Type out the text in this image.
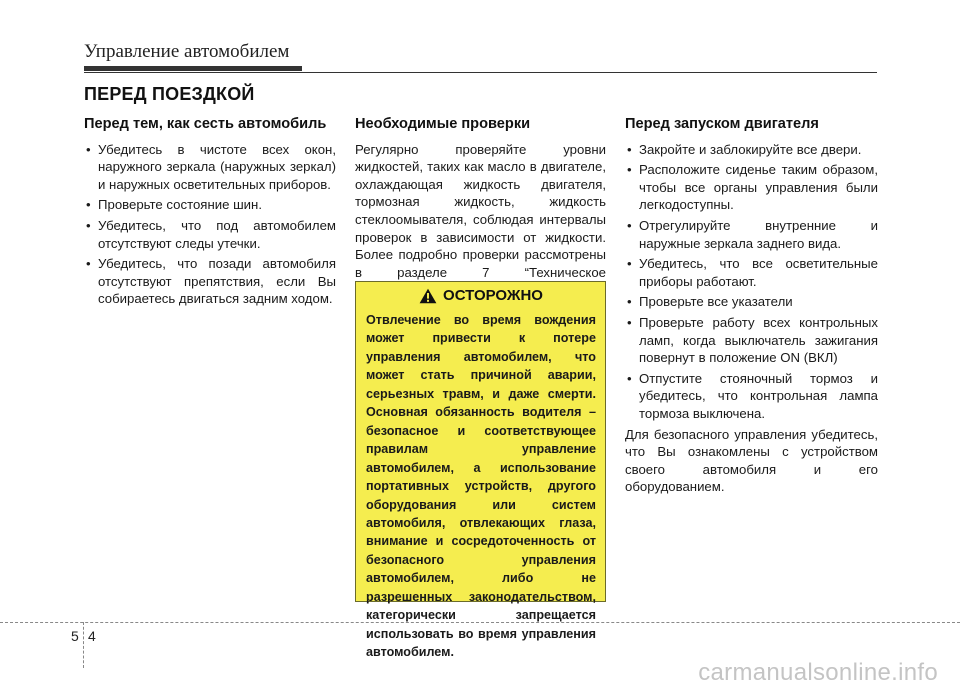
Управление автомобилем
ПЕРЕД ПОЕЗДКОЙ
Перед тем, как сесть автомобиль
• Убедитесь в чистоте всех окон, наружного зеркала (наружных зеркал) и наружных осветительных приборов.
• Проверьте состояние шин.
• Убедитесь, что под автомобилем отсутствуют следы утечки.
• Убедитесь, что позади автомобиля отсутствуют препятствия, если Вы собираетесь двигаться задним ходом.
Необходимые проверки

Регулярно проверяйте уровни жидкостей, таких как масло в двигателе, охлаждающая жидкость двигателя, тормозная жидкость, жидкость стеклоомывателя, соблюдая интервалы проверок в зависимости от жидкости. Более подробно проверки рассмотрены в разделе 7 “Техническое

ОСТОРОЖНО

Отвлечение во время вождения может привести к потере управления автомобилем, что может стать причиной аварии, серьезных травм, и даже смерти. Основная обязанность водителя – безопасное и соответствующее правилам управление автомобилем, а использование портативных устройств, другого оборудования или систем автомобиля, отвлекающих глаза, внимание и сосредоточенность от безопасного управления автомобилем, либо не разрешенных законодательством, категорически запрещается использовать во время управления автомобилем.

Перед запуском двигателя
• Закройте и заблокируйте все двери.
• Расположите сиденье таким образом, чтобы все органы управления были легкодоступны.
• Отрегулируйте внутренние и наружные зеркала заднего вида.
• Убедитесь, что все осветительные приборы работают.
• Проверьте все указатели
• Проверьте работу всех контрольных ламп, когда выключатель зажигания повернут в положение ON (ВКЛ)
• Отпустите стояночный тормоз и убедитесь, что контрольная лампа тормоза выключена.

Для безопасного управления убедитесь, что Вы ознакомлены с устройством своего автомобиля и его оборудованием.

5 4
carmanualsonline.info
